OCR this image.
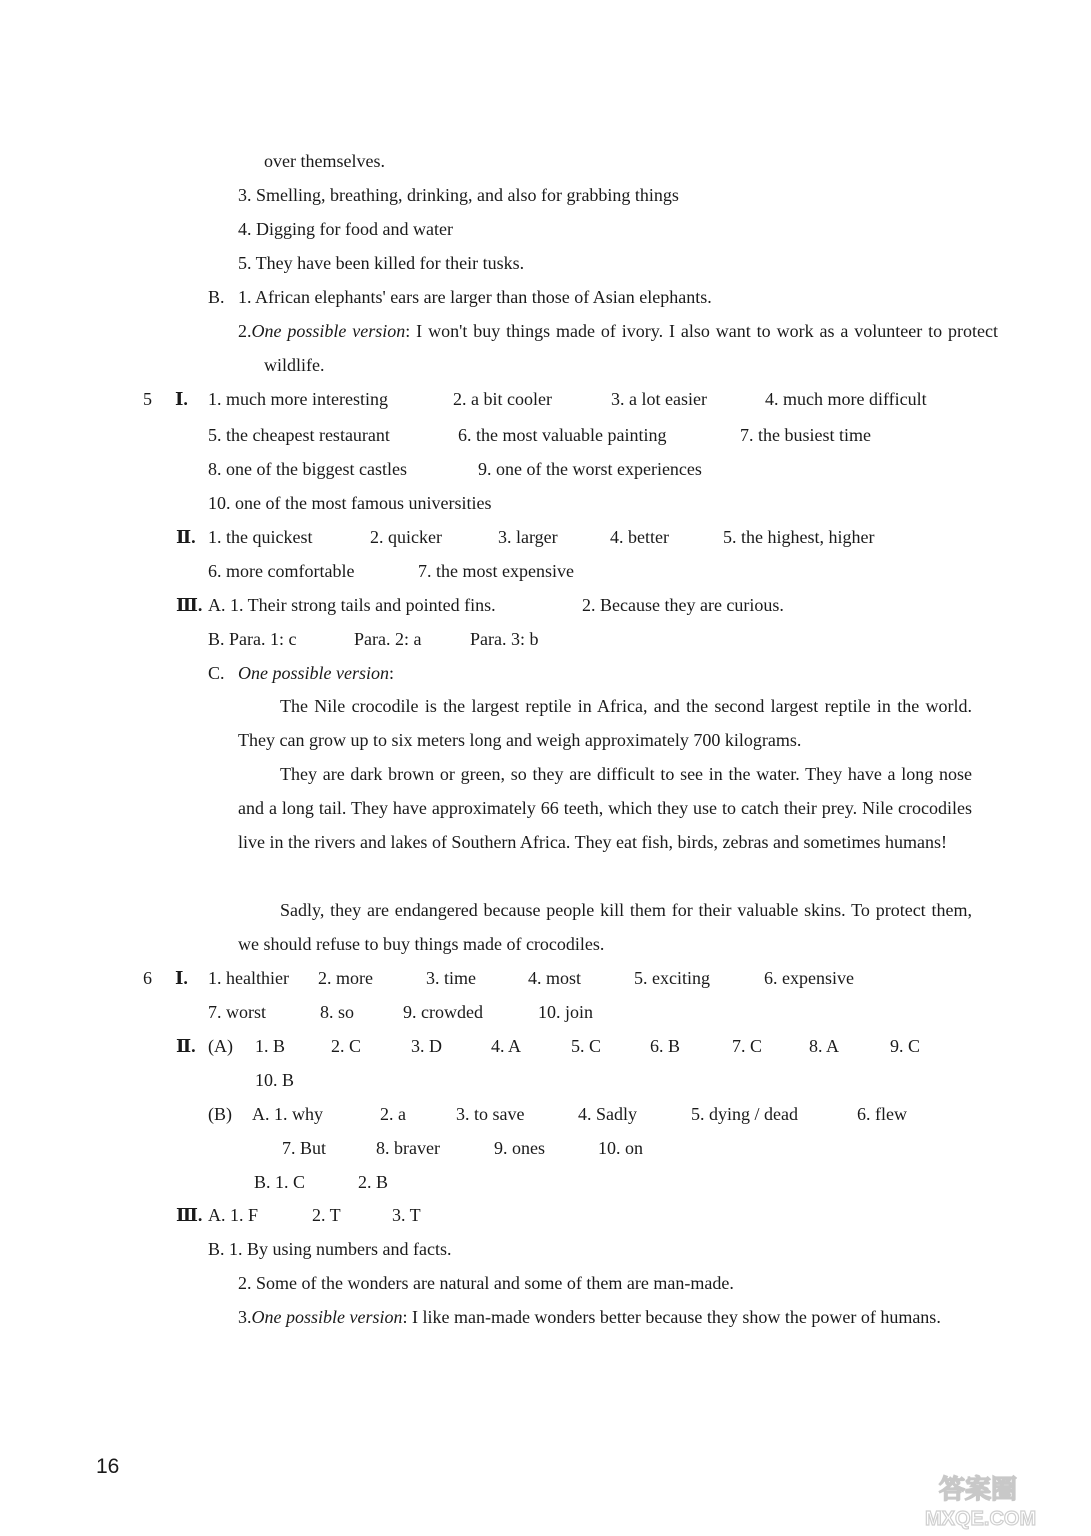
over themselves.
3. Smelling, breathing, drinking, and also for grabbing things
4. Digging for food and water
5. They have been killed for their tusks.
B. 1. African elephants' ears are larger than those of Asian elephants.
2.One possible version: I won't buy things made of ivory. I also want to work as a volunteer to protect wildlife.
5 Ⅰ. 1. much more interesting	2. a bit cooler	3. a lot easier	4. much more difficult
5. the cheapest restaurant	6. the most valuable painting	7. the busiest time
8. one of the biggest castles	9. one of the worst experiences
10. one of the most famous universities
Ⅱ. 1. the quickest	2. quicker	3. larger	4. better	5. the highest, higher
6. more comfortable	7. the most expensive
Ⅲ. A. 1. Their strong tails and pointed fins.	2. Because they are curious.
B. Para. 1: c	Para. 2: a	Para. 3: b
C. One possible version:
The Nile crocodile is the largest reptile in Africa, and the second largest reptile in the world. They can grow up to six meters long and weigh approximately 700 kilograms.
They are dark brown or green, so they are difficult to see in the water. They have a long nose and a long tail. They have approximately 66 teeth, which they use to catch their prey. Nile crocodiles live in the rivers and lakes of Southern Africa. They eat fish, birds, zebras and sometimes humans!
Sadly, they are endangered because people kill them for their valuable skins. To protect them, we should refuse to buy things made of crocodiles.
6 Ⅰ. 1. healthier 2. more	3. time	4. most	5. exciting	6. expensive
7. worst	8. so	9. crowded	10. join
Ⅱ. (A) 1. B	2. C	3. D	4. A	5. C	6. B	7. C	8. A	9. C
10. B
(B) A. 1. why	2. a	3. to save	4. Sadly	5. dying / dead	6. flew
7. But	8. braver	9. ones	10. on
B. 1. C	2. B
Ⅲ. A. 1. F	2. T	3. T
B. 1. By using numbers and facts.
2. Some of the wonders are natural and some of them are man-made.
3.One possible version: I like man-made wonders better because they show the power of humans.
16
答案圈
MXQE.COM
